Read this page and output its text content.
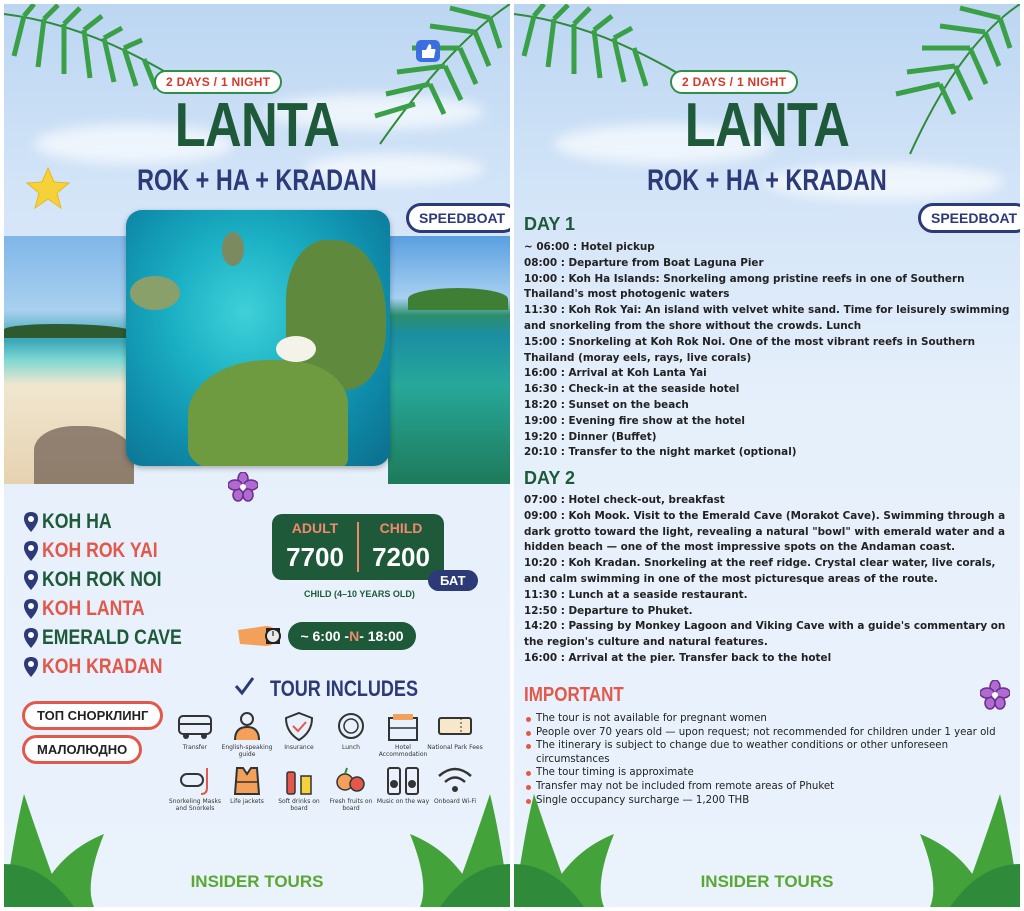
2 DAYS / 1 NIGHT
LANTA
ROK + HA + KRADAN
SPEEDBOAT
ТОП СНОРКЛИНГ
МАЛОЛЮДНО
ADULT
7700
CHILD
7200
БАТ
CHILD (4–10 YEARS OLD)
~ 6:00 -N- 18:00
TOUR INCLUDES
INSIDER TOURS
KOH HA
KOH ROK YAI
KOH ROK NOI
KOH LANTA
EMERALD CAVE
KOH KRADAN
Transfer	English-speaking guide
Insurance	Lunch	Hotel Accommodation
National Park Fees
Snorkeling Masks and Snorkels
Life jackets	Soft drinks on board
Fresh fruits on board
Music on the way Onboard Wi-Fi
2 DAYS / 1 NIGHT
LANTA
ROK + HA + KRADAN
SPEEDBOAT
DAY 1
~ 06:00 : Hotel pickup
08:00 : Departure from Boat Laguna Pier
10:00 : Koh Ha Islands: Snorkeling among pristine reefs in one of Southern Thailand's most photogenic waters
11:30 : Koh Rok Yai: An island with velvet white sand. Time for leisurely swimming and snorkeling from the shore without the crowds. Lunch
15:00 : Snorkeling at Koh Rok Noi. One of the most vibrant reefs in Southern Thailand (moray eels, rays, live corals)
16:00 : Arrival at Koh Lanta Yai
16:30 : Check-in at the seaside hotel
18:20 : Sunset on the beach
19:00 : Evening fire show at the hotel
19:20 : Dinner (Buffet)
20:10 : Transfer to the night market (optional)
DAY 2
07:00 : Hotel check-out, breakfast
09:00 : Koh Mook. Visit to the Emerald Cave (Morakot Cave). Swimming through a dark grotto toward the light, revealing a natural "bowl" with emerald water and a hidden beach — one of the most impressive spots on the Andaman coast.
10:20 : Koh Kradan. Snorkeling at the reef ridge. Crystal clear water, live corals, and calm swimming in one of the most picturesque areas of the route.
11:30 : Lunch at a seaside restaurant.
12:50 : Departure to Phuket.
14:20 : Passing by Monkey Lagoon and Viking Cave with a guide's commentary on the region's culture and natural features.
16:00 : Arrival at the pier. Transfer back to the hotel
IMPORTANT
The tour is not available for pregnant women
People over 70 years old — upon request; not recommended for children under 1 year old
The itinerary is subject to change due to weather conditions or other unforeseen circumstances
The tour timing is approximate
Transfer may not be included from remote areas of Phuket
Single occupancy surcharge — 1,200 THB
INSIDER TOURS
